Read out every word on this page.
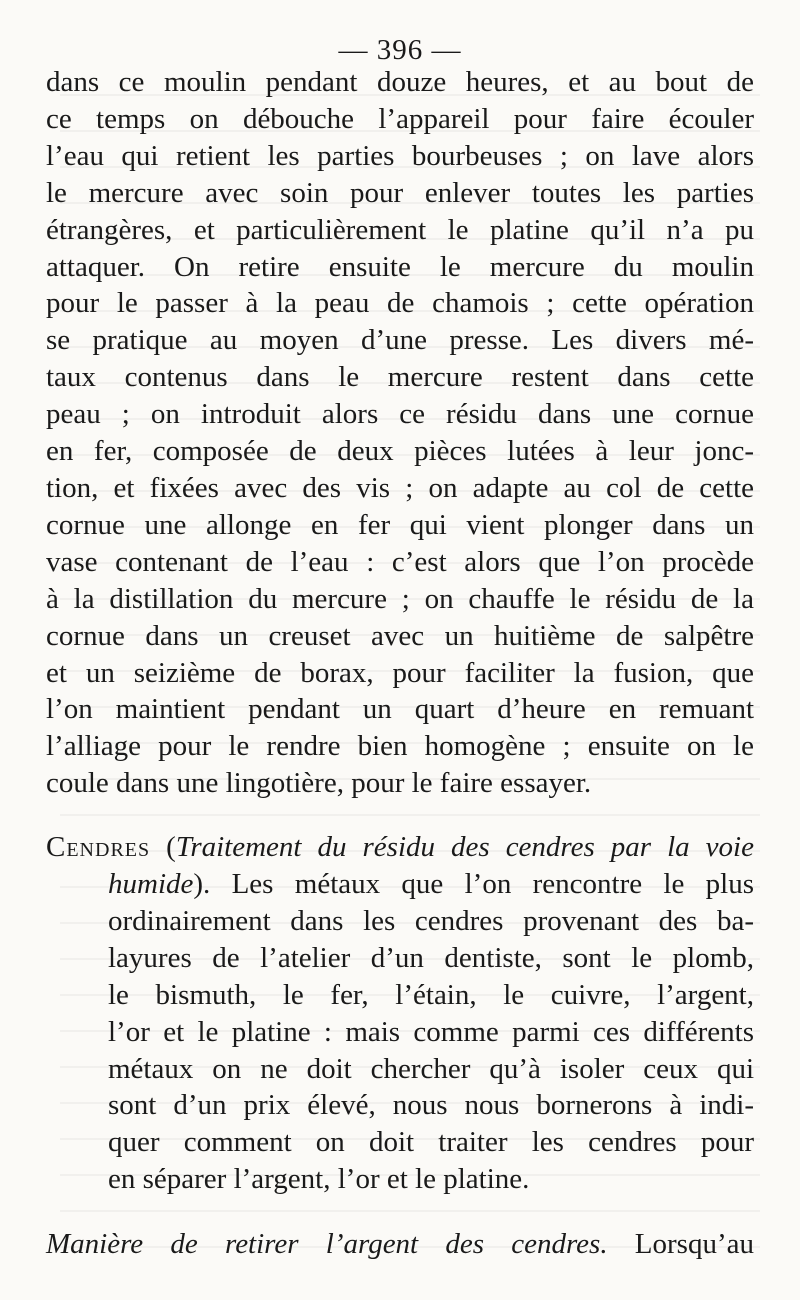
— 396 —
dans ce moulin pendant douze heures, et au bout de
ce temps on débouche l’appareil pour faire écouler
l’eau qui retient les parties bourbeuses ; on lave alors
le mercure avec soin pour enlever toutes les parties
étrangères, et particulièrement le platine qu’il n’a pu
attaquer. On retire ensuite le mercure du moulin
pour le passer à la peau de chamois ; cette opération
se pratique au moyen d’une presse. Les divers mé-
taux contenus dans le mercure restent dans cette
peau ; on introduit alors ce résidu dans une cornue
en fer, composée de deux pièces lutées à leur jonc-
tion, et fixées avec des vis ; on adapte au col de cette
cornue une allonge en fer qui vient plonger dans un
vase contenant de l’eau : c’est alors que l’on procède
à la distillation du mercure ; on chauffe le résidu de la
cornue dans un creuset avec un huitième de salpêtre
et un seizième de borax, pour faciliter la fusion, que
l’on maintient pendant un quart d’heure en remuant
l’alliage pour le rendre bien homogène ; ensuite on le
coule dans une lingotière, pour le faire essayer.
Cendres (Traitement du résidu des cendres par la voie
humide). Les métaux que l’on rencontre le plus
ordinairement dans les cendres provenant des ba-
layures de l’atelier d’un dentiste, sont le plomb,
le bismuth, le fer, l’étain, le cuivre, l’argent,
l’or et le platine : mais comme parmi ces différents
métaux on ne doit chercher qu’à isoler ceux qui
sont d’un prix élevé, nous nous bornerons à indi-
quer comment on doit traiter les cendres pour
en séparer l’argent, l’or et le platine.
Manière de retirer l’argent des cendres. Lorsqu’au
